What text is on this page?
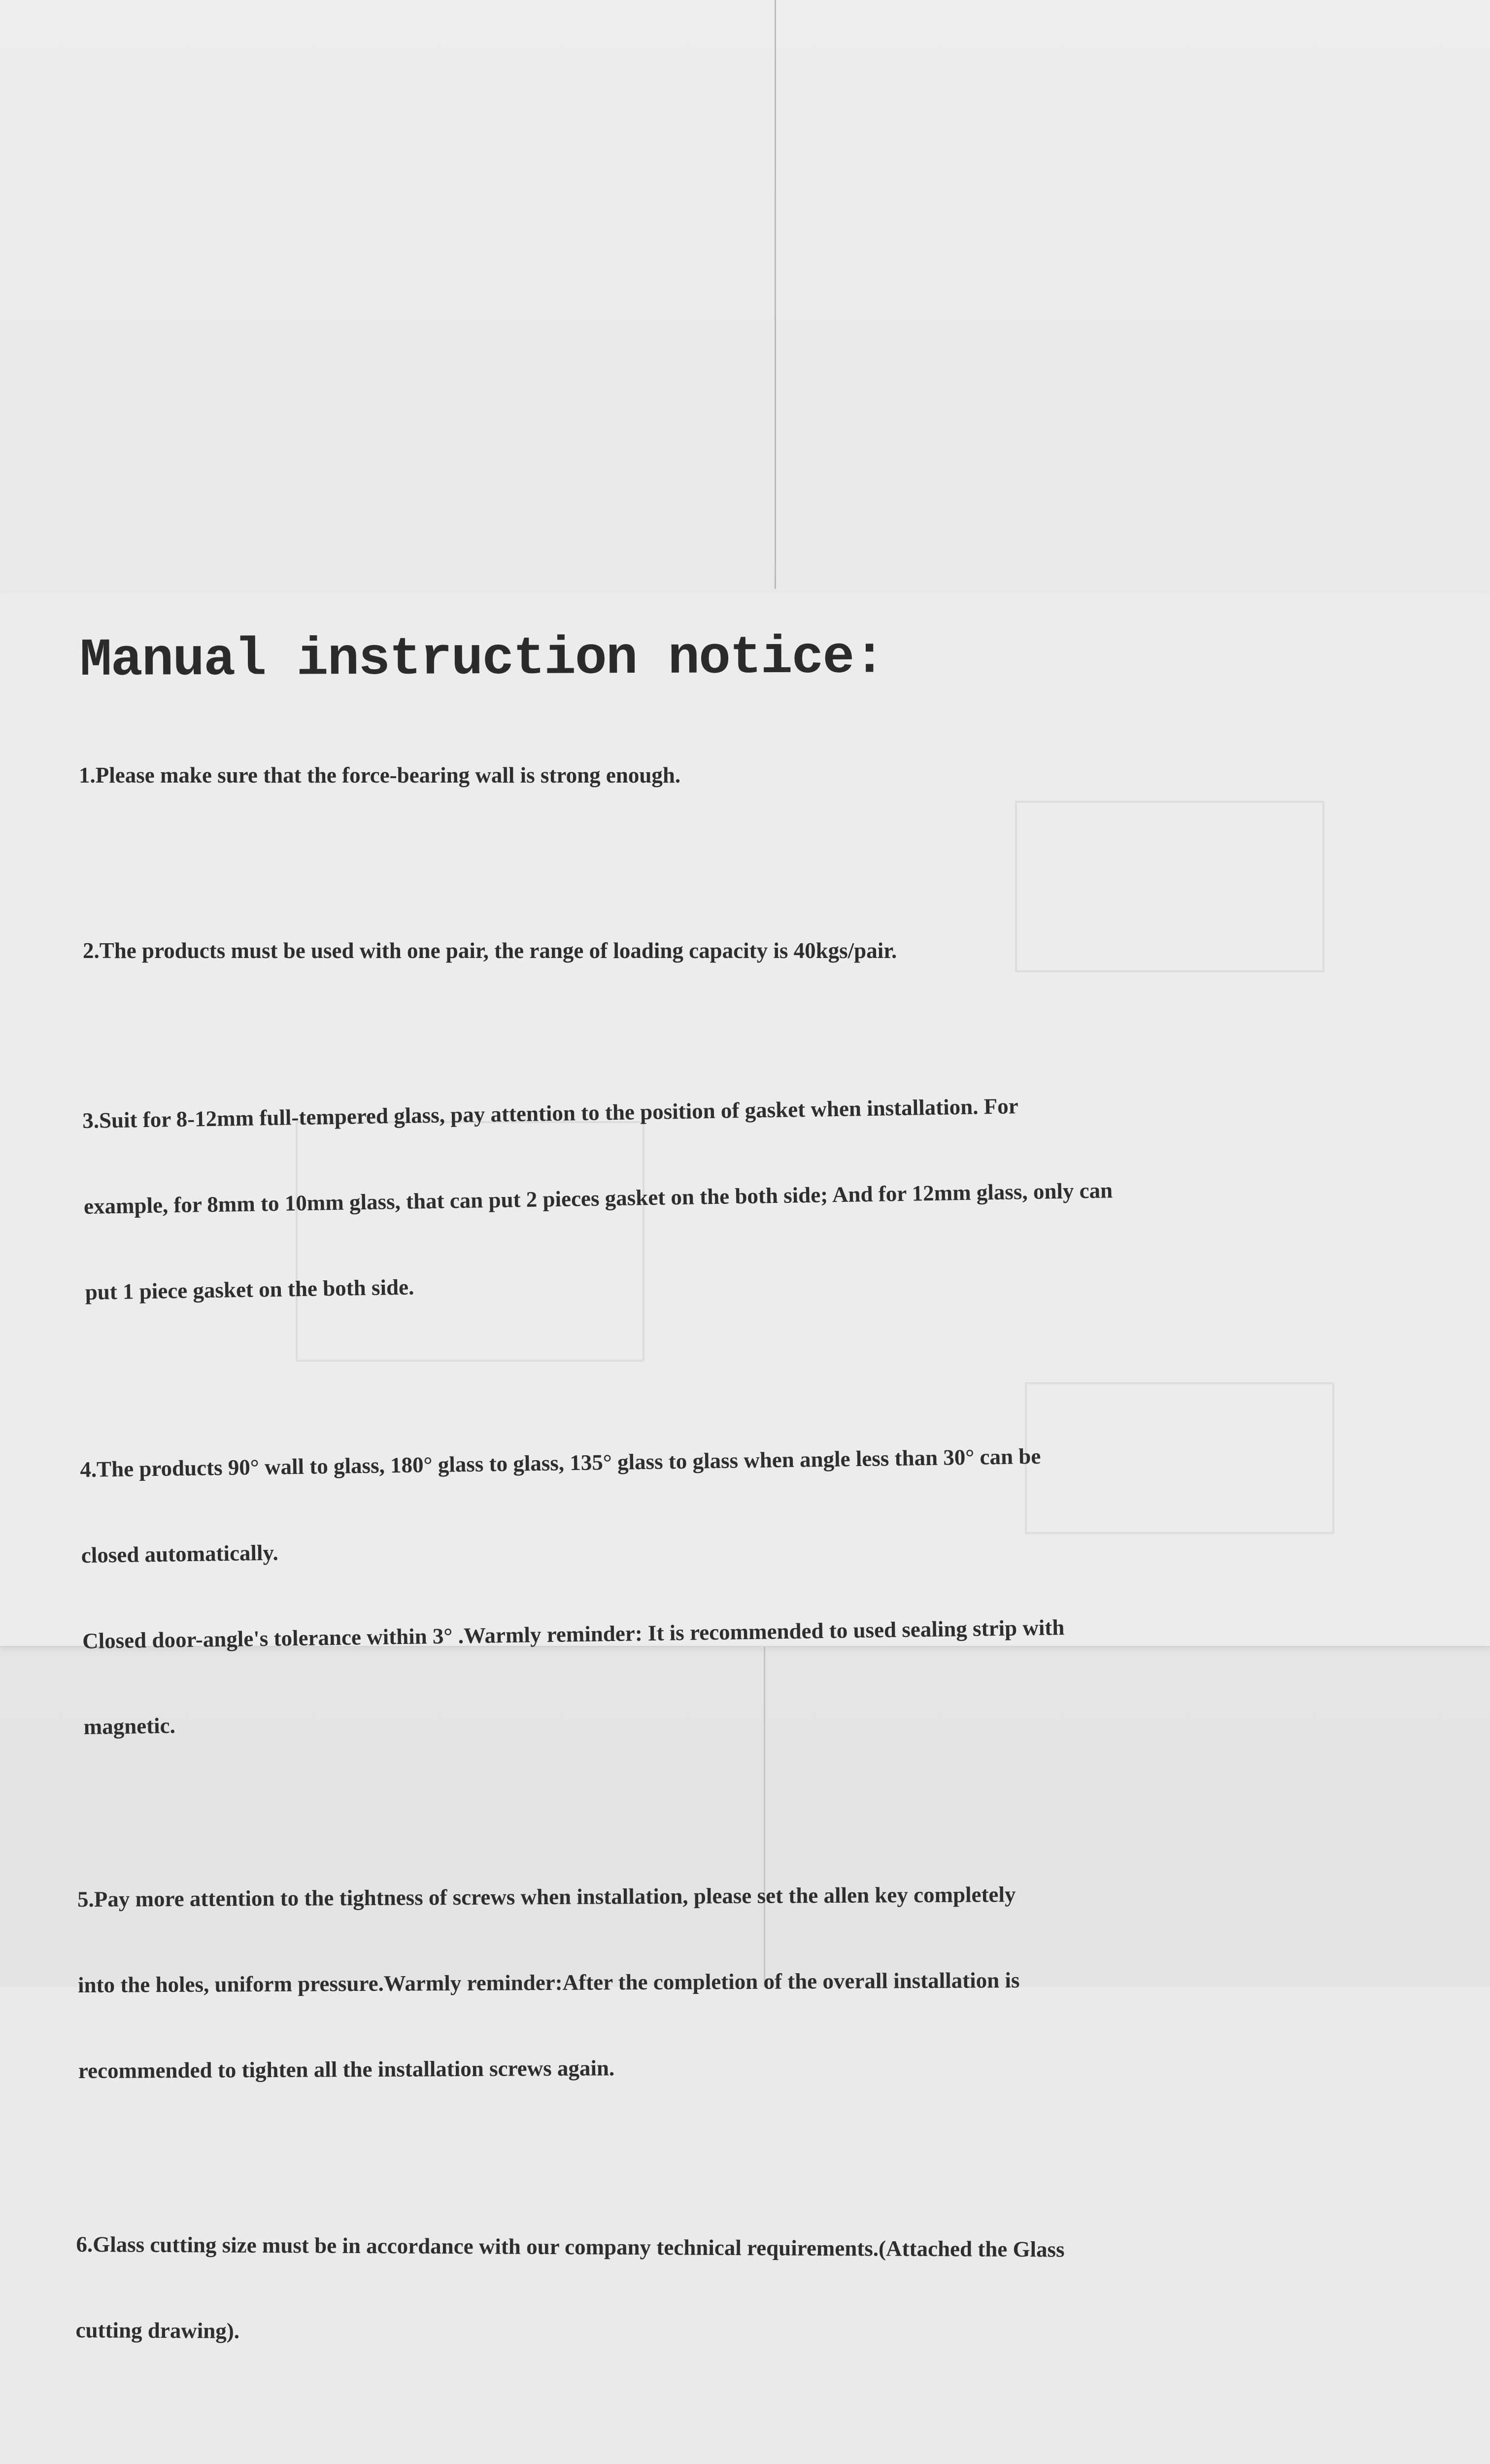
Manual instruction notice:

1.Please make sure that the force-bearing wall is strong enough.

2.The products must be used with one pair, the range of loading capacity is 40kgs/pair.

3.Suit for 8-12mm full-tempered glass, pay attention to the position of gasket when installation. For

example, for 8mm to 10mm glass, that can put 2 pieces gasket on the both side; And for 12mm glass, only can

put 1 piece gasket on the both side.

4.The products 90° wall to glass, 180° glass to glass, 135° glass to glass when angle less than 30° can be

closed automatically.

Closed door-angle's tolerance within 3° .Warmly reminder: It is recommended to used sealing strip with

magnetic.

5.Pay more attention to the tightness of screws when installation, please set the allen key completely

into the holes, uniform pressure.Warmly reminder:After the completion of the overall installation is

recommended to tighten all the installation screws again.

6.Glass cutting size must be in accordance with our company technical requirements.(Attached the Glass

cutting drawing).
